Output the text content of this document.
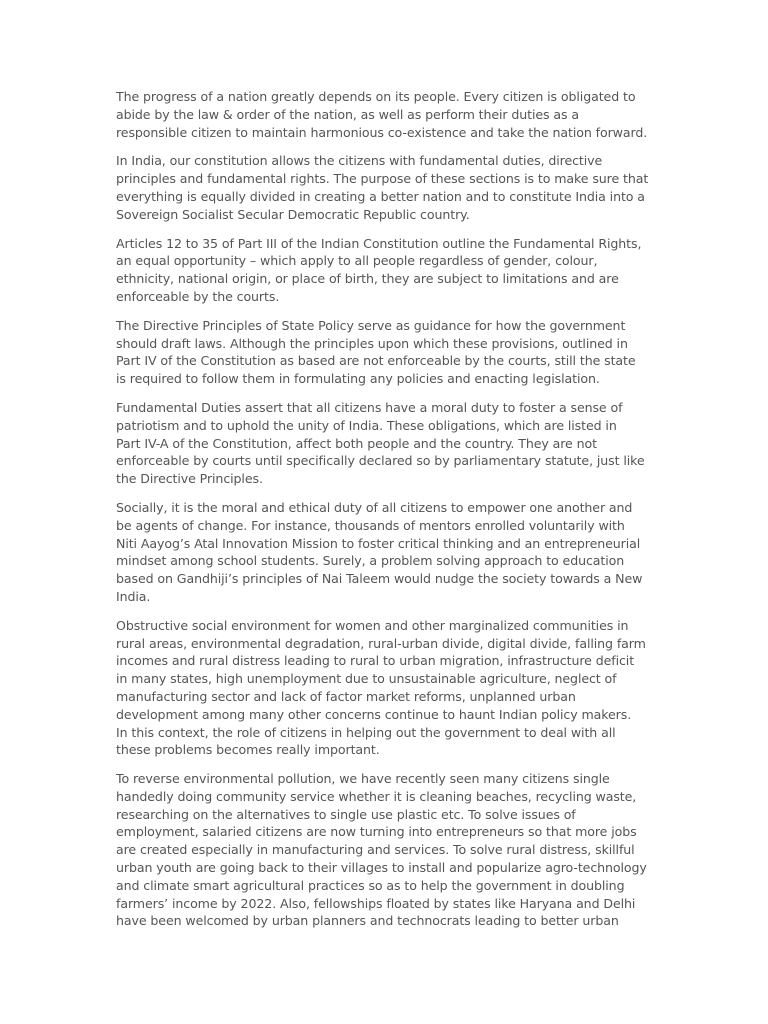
The progress of a nation greatly depends on its people. Every citizen is obligated to
abide by the law & order of the nation, as well as perform their duties as a
responsible citizen to maintain harmonious co-existence and take the nation forward.

In India, our constitution allows the citizens with fundamental duties, directive
principles and fundamental rights. The purpose of these sections is to make sure that
everything is equally divided in creating a better nation and to constitute India into a
Sovereign Socialist Secular Democratic Republic country.

Articles 12 to 35 of Part III of the Indian Constitution outline the Fundamental Rights,
an equal opportunity – which apply to all people regardless of gender, colour,
ethnicity, national origin, or place of birth, they are subject to limitations and are
enforceable by the courts.

The Directive Principles of State Policy serve as guidance for how the government
should draft laws. Although the principles upon which these provisions, outlined in
Part IV of the Constitution as based are not enforceable by the courts, still the state
is required to follow them in formulating any policies and enacting legislation.

Fundamental Duties assert that all citizens have a moral duty to foster a sense of
patriotism and to uphold the unity of India. These obligations, which are listed in
Part IV-A of the Constitution, affect both people and the country. They are not
enforceable by courts until specifically declared so by parliamentary statute, just like
the Directive Principles.

Socially, it is the moral and ethical duty of all citizens to empower one another and
be agents of change. For instance, thousands of mentors enrolled voluntarily with
Niti Aayog’s Atal Innovation Mission to foster critical thinking and an entrepreneurial
mindset among school students. Surely, a problem solving approach to education
based on Gandhiji’s principles of Nai Taleem would nudge the society towards a New
India.

Obstructive social environment for women and other marginalized communities in
rural areas, environmental degradation, rural-urban divide, digital divide, falling farm
incomes and rural distress leading to rural to urban migration, infrastructure deficit
in many states, high unemployment due to unsustainable agriculture, neglect of
manufacturing sector and lack of factor market reforms, unplanned urban
development among many other concerns continue to haunt Indian policy makers.
In this context, the role of citizens in helping out the government to deal with all
these problems becomes really important.

To reverse environmental pollution, we have recently seen many citizens single
handedly doing community service whether it is cleaning beaches, recycling waste,
researching on the alternatives to single use plastic etc. To solve issues of
employment, salaried citizens are now turning into entrepreneurs so that more jobs
are created especially in manufacturing and services. To solve rural distress, skillful
urban youth are going back to their villages to install and popularize agro-technology
and climate smart agricultural practices so as to help the government in doubling
farmers’ income by 2022. Also, fellowships floated by states like Haryana and Delhi
have been welcomed by urban planners and technocrats leading to better urban
